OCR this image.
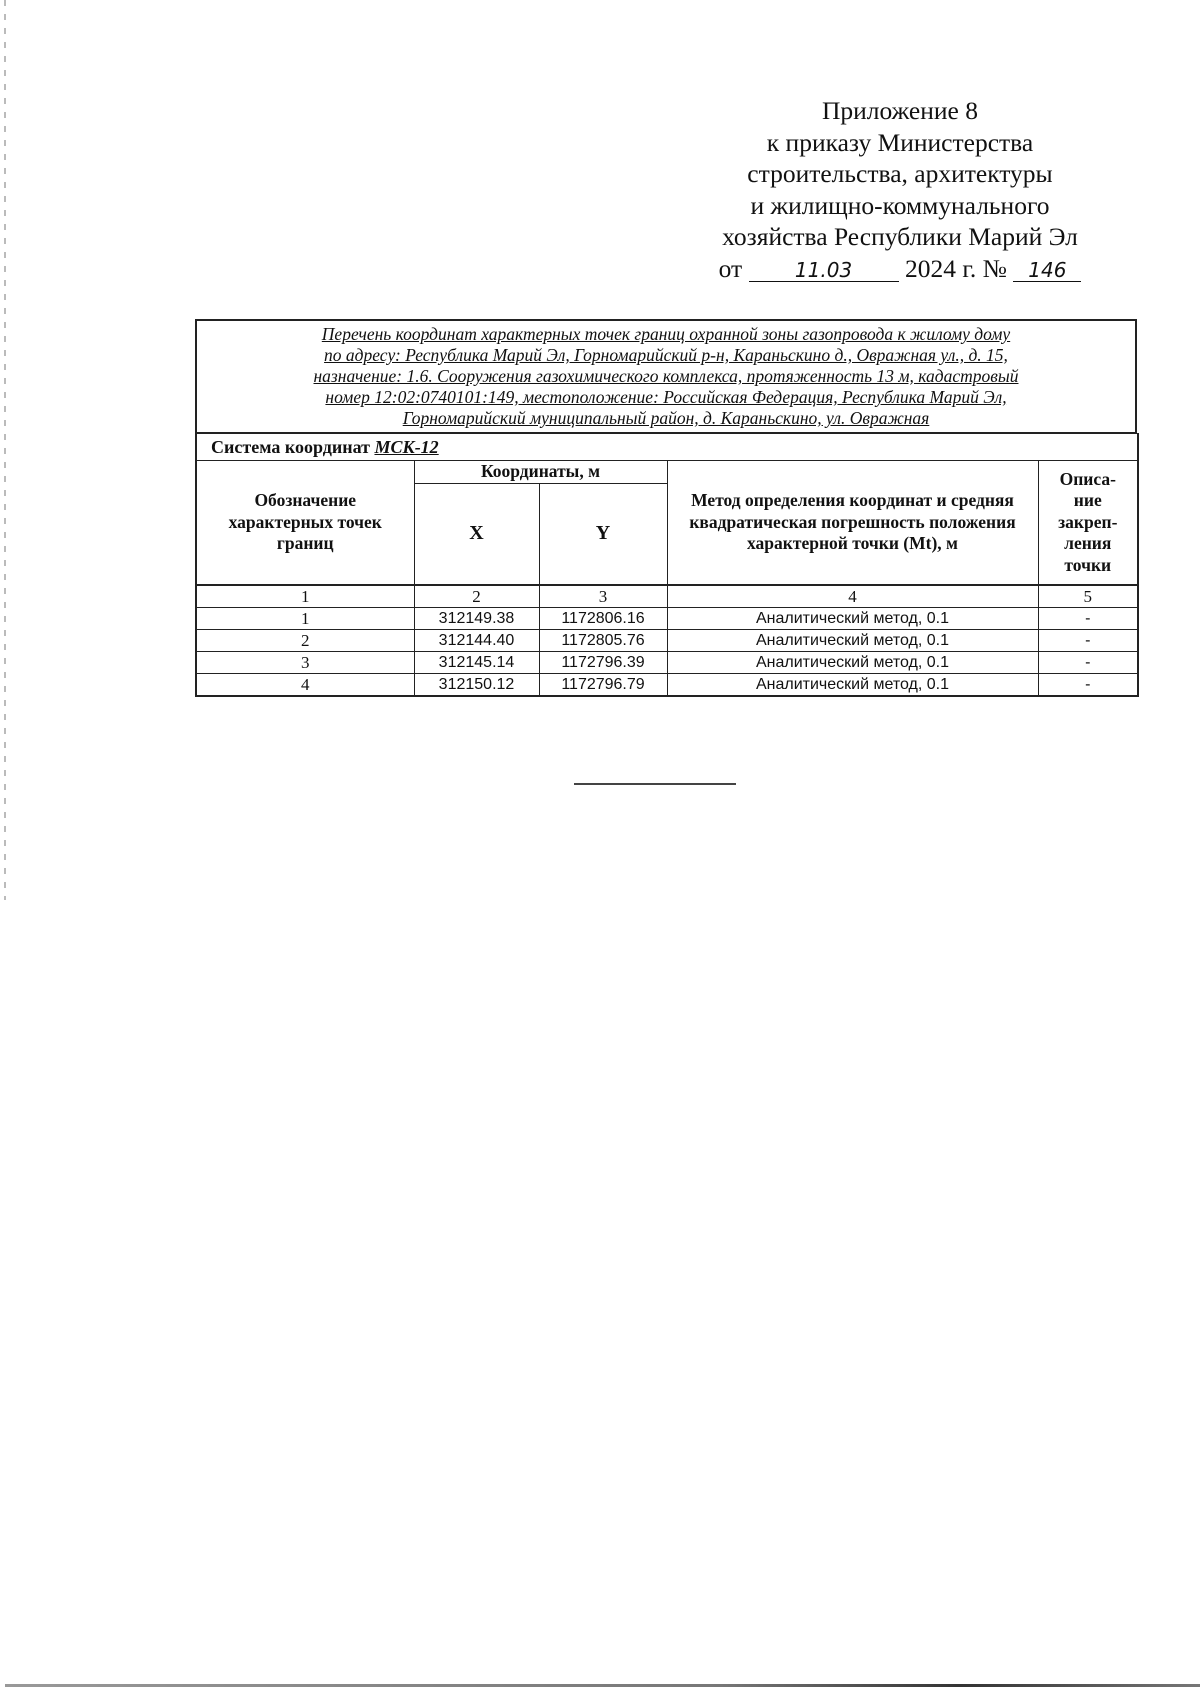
Приложение 8
к приказу Министерства
строительства, архитектуры
и жилищно-коммунального
хозяйства Республики Марий Эл
от	11.03 2024 г. № 146
Перечень координат характерных точек границ охранной зоны газопровода к жилому дому
по адресу: Республика Марий Эл, Горномарийский р-н, Караньскино д., Овражная ул., д. 15,
назначение: 1.6. Сооружения газохимического комплекса, протяженность 13 м, кадастровый
номер 12:02:0740101:149, местоположение: Российская Федерация, Республика Марий Эл,
Горномарийский муниципальный район, д. Караньскино, ул. Овражная
Система координат МСК-12				
Обозначение характерных точек границ	Координаты, м		Метод определения координат и средняя квадратическая погрешность положения характерной точки (Mt), м	Описа-ние закреп-ления точки
	X	Y		
1	2	3	4	5
1	312149.38	1172806.16	Аналитический метод, 0.1	-
2	312144.40	1172805.76	Аналитический метод, 0.1	-
3	312145.14	1172796.39	Аналитический метод, 0.1	-
4	312150.12	1172796.79	Аналитический метод, 0.1	-
